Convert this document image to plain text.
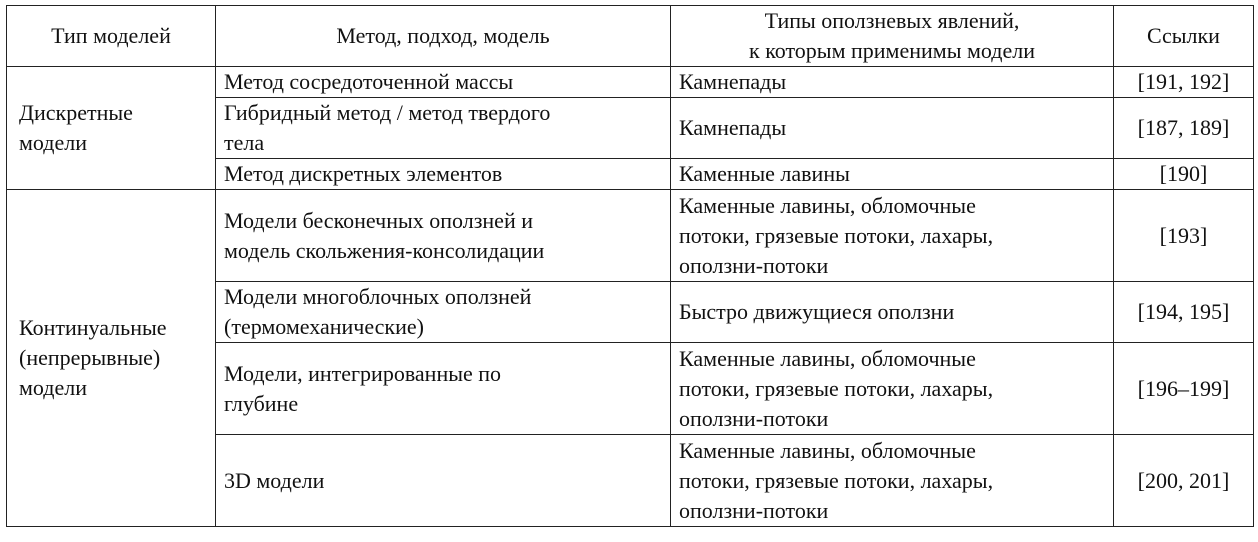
Тип моделей	Метод, подход, модель	Типы оползневых явлений,
к которым применимы модели	Ссылки

Дискретные
модели	Метод сосредоточенной массы	Камнепады	[191, 192]

	Гибридный метод / метод твердого
тела	Камнепады	[187, 189]

	Метод дискретных элементов	Каменные лавины	[190]

Континуальные
(непрерывные)
модели	Модели бесконечных оползней и
модель скольжения-консолидации	Каменные лавины, обломочные
потоки, грязевые потоки, лахары,
оползни-потоки	[193]

	Модели многоблочных оползней
(термомеханические)	Быстро движущиеся оползни	[194, 195]

	Модели, интегрированные по
глубине	Каменные лавины, обломочные
потоки, грязевые потоки, лахары,
оползни-потоки	[196–199]

	3D модели	Каменные лавины, обломочные
потоки, грязевые потоки, лахары,
оползни-потоки	[200, 201]
